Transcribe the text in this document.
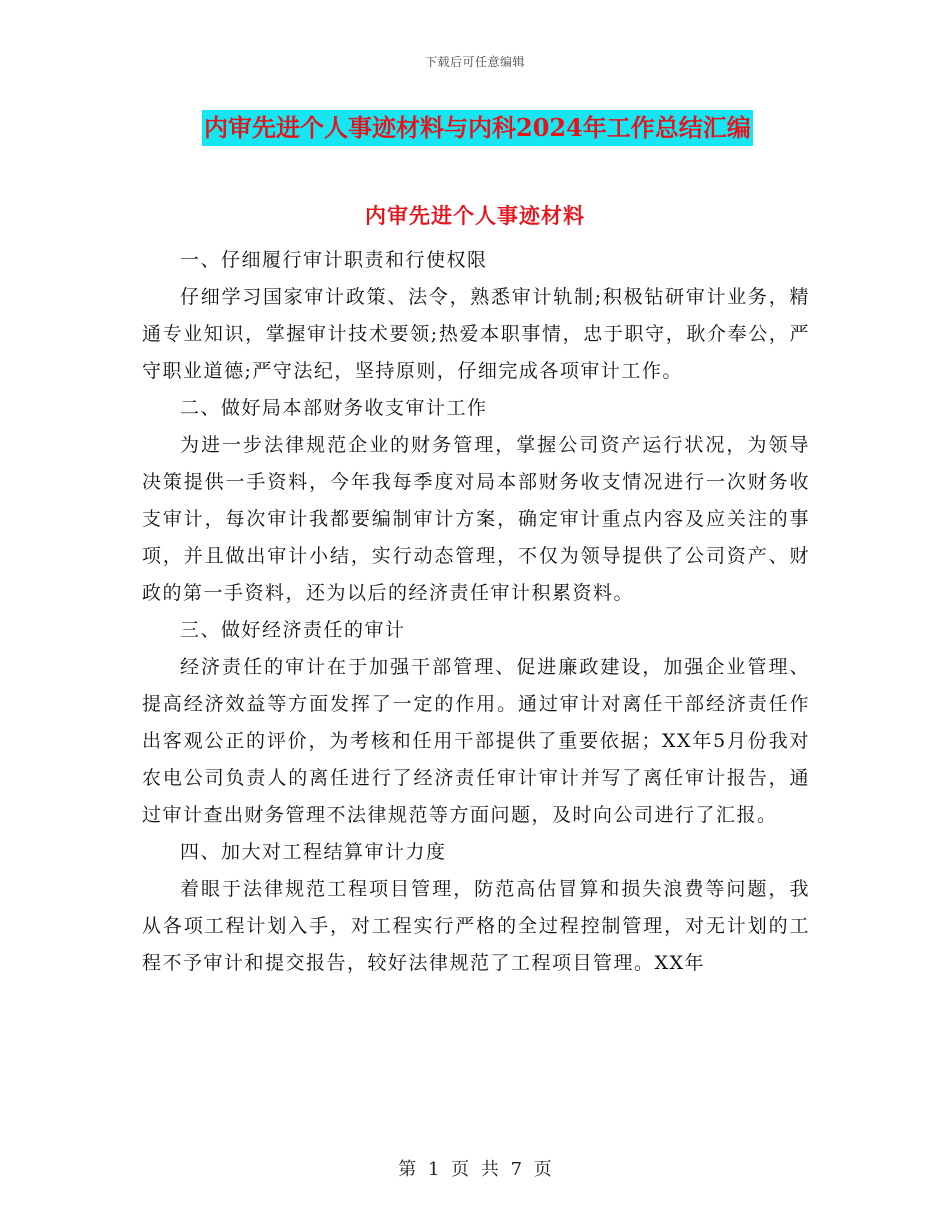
下载后可任意编辑
内审先进个人事迹材料与内科2024年工作总结汇编
内审先进个人事迹材料

一、仔细履行审计职责和行使权限

仔细学习国家审计政策、法令，熟悉审计轨制;积极钻研审计业务，精通专业知识，掌握审计技术要领;热爱本职事情，忠于职守，耿介奉公，严守职业道德;严守法纪，坚持原则，仔细完成各项审计工作。

二、做好局本部财务收支审计工作

为进一步法律规范企业的财务管理，掌握公司资产运行状况，为领导决策提供一手资料，今年我每季度对局本部财务收支情况进行一次财务收支审计，每次审计我都要编制审计方案，确定审计重点内容及应关注的事项，并且做出审计小结，实行动态管理，不仅为领导提供了公司资产、财政的第一手资料，还为以后的经济责任审计积累资料。

三、做好经济责任的审计

经济责任的审计在于加强干部管理、促进廉政建设，加强企业管理、提高经济效益等方面发挥了一定的作用。通过审计对离任干部经济责任作出客观公正的评价，为考核和任用干部提供了重要依据；XX年5月份我对农电公司负责人的离任进行了经济责任审计审计并写了离任审计报告，通过审计查出财务管理不法律规范等方面问题，及时向公司进行了汇报。

四、加大对工程结算审计力度

着眼于法律规范工程项目管理，防范高估冒算和损失浪费等问题，我从各项工程计划入手，对工程实行严格的全过程控制管理，对无计划的工程不予审计和提交报告，较好法律规范了工程项目管理。XX年

第 1 页 共 7 页
